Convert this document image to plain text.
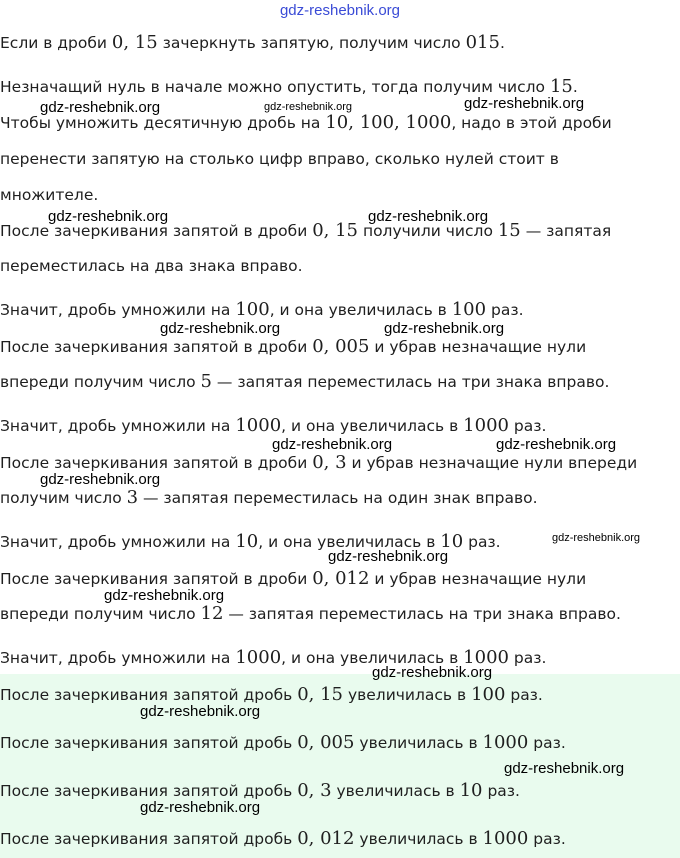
gdz-reshebnik.org
Если в дроби 0, 15 зачеркнуть запятую, получим число 015.
Незначащий нуль в начале можно опустить, тогда получим число 15.
Чтобы умножить десятичную дробь на 10, 100, 1000, надо в этой дроби
перенести запятую на столько цифр вправо, сколько нулей стоит в
множителе.
После зачеркивания запятой в дроби 0, 15 получили число 15 — запятая
переместилась на два знака вправо.
Значит, дробь умножили на 100, и она увеличилась в 100 раз.
После зачеркивания запятой в дроби 0, 005 и убрав незначащие нули
впереди получим число 5 — запятая переместилась на три знака вправо.
Значит, дробь умножили на 1000, и она увеличилась в 1000 раз.
После зачеркивания запятой в дроби 0, 3 и убрав незначащие нули впереди
получим число 3 — запятая переместилась на один знак вправо.
Значит, дробь умножили на 10, и она увеличилась в 10 раз.
После зачеркивания запятой в дроби 0, 012 и убрав незначащие нули
впереди получим число 12 — запятая переместилась на три знака вправо.
Значит, дробь умножили на 1000, и она увеличилась в 1000 раз.
После зачеркивания запятой дробь 0, 15 увеличилась в 100 раз.
После зачеркивания запятой дробь 0, 005 увеличилась в 1000 раз.
После зачеркивания запятой дробь 0, 3 увеличилась в 10 раз.
После зачеркивания запятой дробь 0, 012 увеличилась в 1000 раз.
gdz-reshebnik.org	gdz-reshebnik.org	gdz-reshebnik.org
gdz-reshebnik.org	gdz-reshebnik.org
gdz-reshebnik.org	gdz-reshebnik.org
gdz-reshebnik.org	gdz-reshebnik.org
gdz-reshebnik.org
gdz-reshebnik.org
gdz-reshebnik.org
gdz-reshebnik.org
gdz-reshebnik.org
gdz-reshebnik.org
gdz-reshebnik.org
gdz-reshebnik.org
